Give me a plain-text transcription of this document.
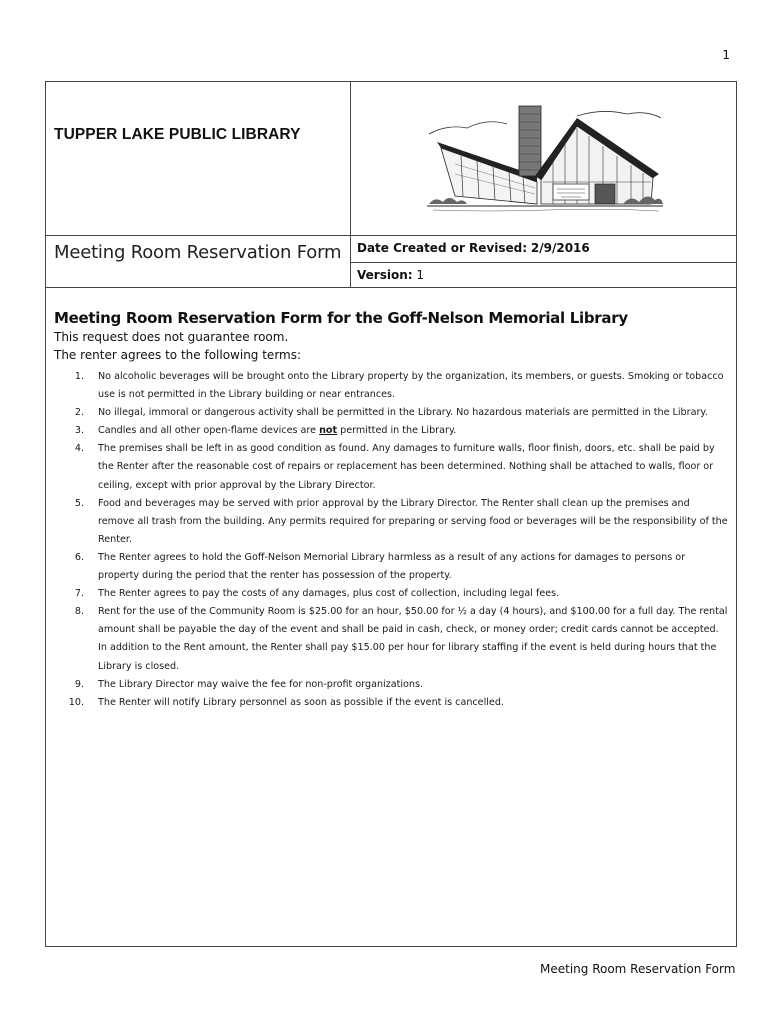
1
TUPPER LAKE PUBLIC LIBRARY
Meeting Room Reservation Form Date Created or Revised: 2/9/2016
Version: 1
Meeting Room Reservation Form for the Goff-Nelson Memorial Library
This request does not guarantee room.
The renter agrees to the following terms:
1. No alcoholic beverages will be brought onto the Library property by the organization, its members, or guests. Smoking or tobacco use is not permitted in the Library building or near entrances.
2. No illegal, immoral or dangerous activity shall be permitted in the Library. No hazardous materials are permitted in the Library.
3. Candles and all other open-flame devices are not permitted in the Library.
4. The premises shall be left in as good condition as found. Any damages to furniture walls, floor finish, doors, etc. shall be paid by the Renter after the reasonable cost of repairs or replacement has been determined. Nothing shall be attached to walls, floor or ceiling, except with prior approval by the Library Director.
5. Food and beverages may be served with prior approval by the Library Director. The Renter shall clean up the premises and remove all trash from the building. Any permits required for preparing or serving food or beverages will be the responsibility of the Renter.
6. The Renter agrees to hold the Goff-Nelson Memorial Library harmless as a result of any actions for damages to persons or property during the period that the renter has possession of the property.
7. The Renter agrees to pay the costs of any damages, plus cost of collection, including legal fees.
8. Rent for the use of the Community Room is $25.00 for an hour, $50.00 for ½ a day (4 hours), and $100.00 for a full day. The rental amount shall be payable the day of the event and shall be paid in cash, check, or money order; credit cards cannot be accepted. In addition to the Rent amount, the Renter shall pay $15.00 per hour for library staffing if the event is held during hours that the Library is closed.
9. The Library Director may waive the fee for non-profit organizations.
10. The Renter will notify Library personnel as soon as possible if the event is cancelled.
Meeting Room Reservation Form
